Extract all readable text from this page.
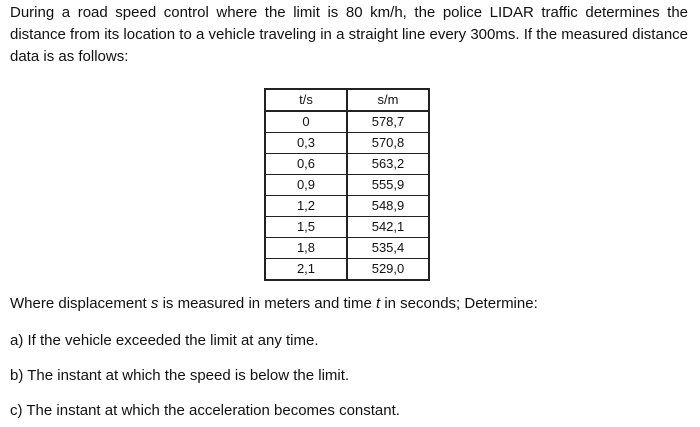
During a road speed control where the limit is 80 km/h, the police LIDAR traffic determines the distance from its location to a vehicle traveling in a straight line every 300ms. If the measured distance data is as follows:

t/s	s/m
0	578,7
0,3	570,8
0,6	563,2
0,9	555,9
1,2	548,9
1,5	542,1
1,8	535,4
2,1	529,0

Where displacement s is measured in meters and time t in seconds; Determine:

a) If the vehicle exceeded the limit at any time.

b) The instant at which the speed is below the limit.

c) The instant at which the acceleration becomes constant.
